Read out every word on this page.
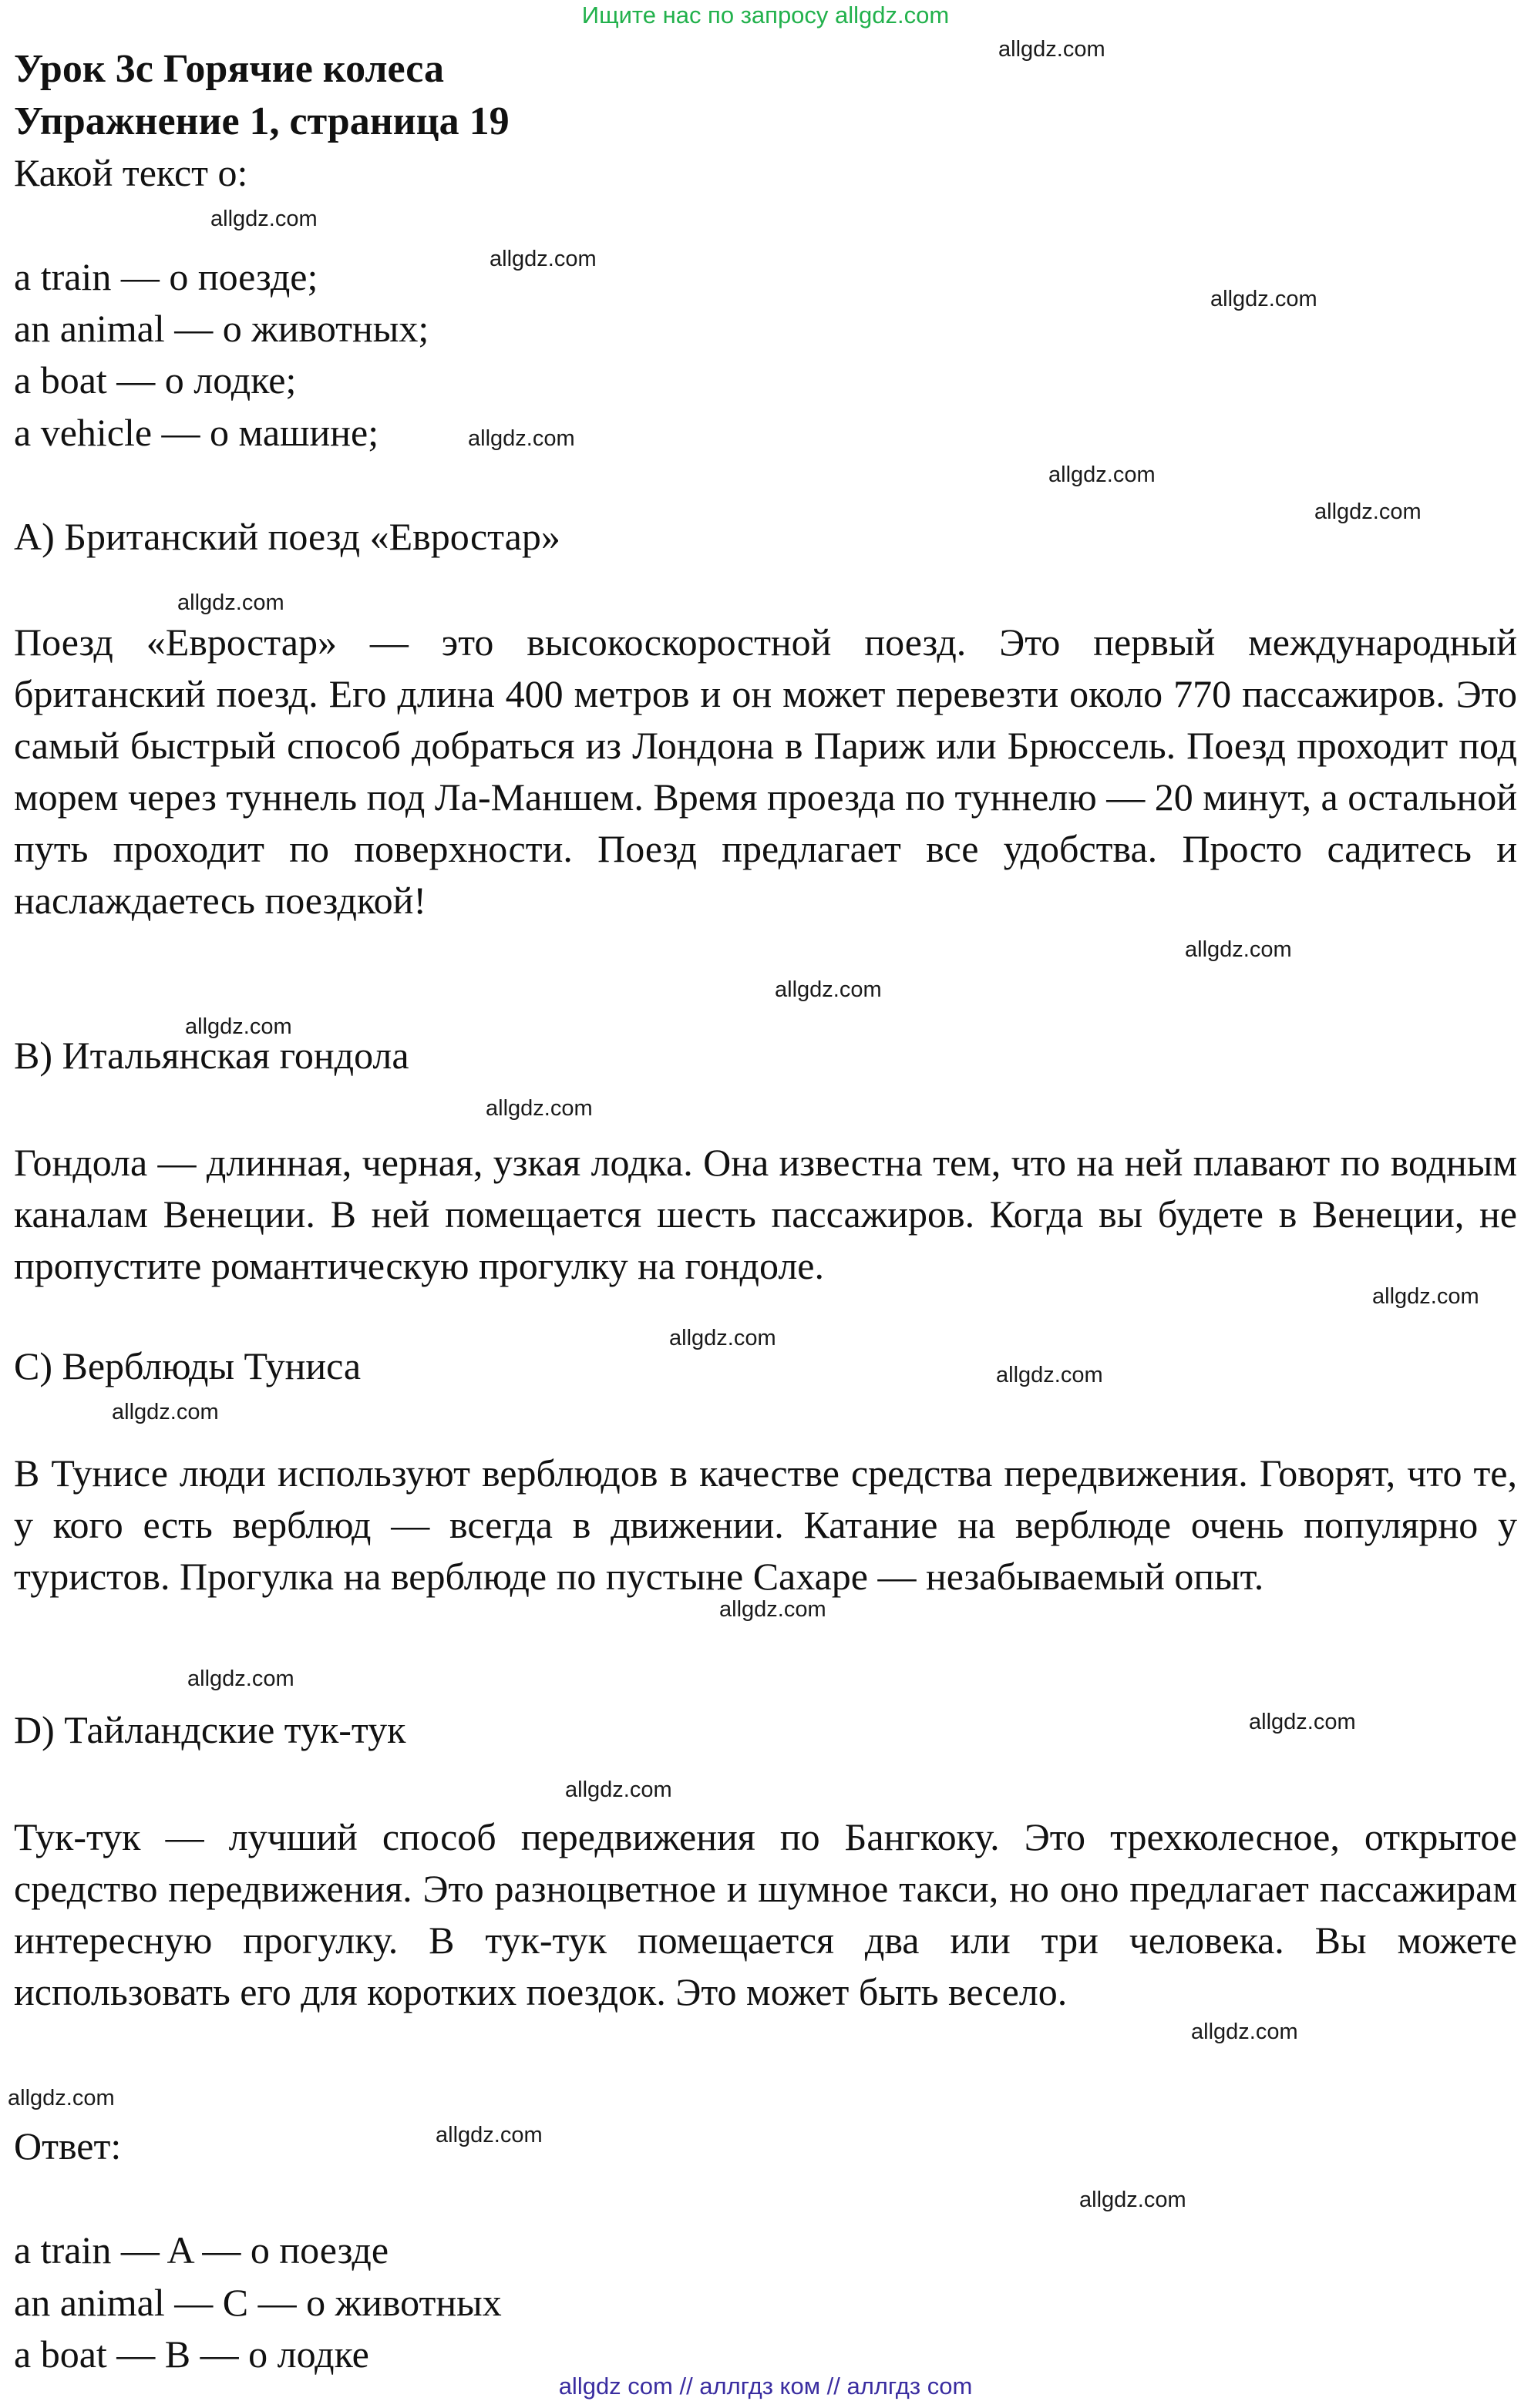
Ищите нас по запросу allgdz.com
Урок 3c Горячие колеса
Упражнение 1, страница 19
Какой текст о:
a train — о поезде;
an animal — о животных;
a boat — о лодке;
a vehicle — о машине;
A) Британский поезд «Евростар»
Поезд «Евростар» — это высокоскоростной поезд. Это первый международный британский поезд. Его длина 400 метров и он может перевезти около 770 пассажиров. Это самый быстрый способ добраться из Лондона в Париж или Брюссель. Поезд проходит под морем через туннель под Ла-Маншем. Время проезда по туннелю — 20 минут, а остальной путь проходит по поверхности. Поезд предлагает все удобства. Просто садитесь и наслаждаетесь поездкой!
B) Итальянская гондола
Гондола — длинная, черная, узкая лодка. Она известна тем, что на ней плавают по водным каналам Венеции. В ней помещается шесть пассажиров. Когда вы будете в Венеции, не пропустите романтическую прогулку на гондоле.
C) Верблюды Туниса
В Тунисе люди используют верблюдов в качестве средства передвижения. Говорят, что те, у кого есть верблюд — всегда в движении. Катание на верблюде очень популярно у туристов. Прогулка на верблюде по пустыне Сахаре — незабываемый опыт.
D) Тайландские тук-тук
Тук-тук — лучший способ передвижения по Бангкоку. Это трехколесное, открытое средство передвижения. Это разноцветное и шумное такси, но оно предлагает пассажирам интересную прогулку. В тук-тук помещается два или три человека. Вы можете использовать его для коротких поездок. Это может быть весело.
Ответ:
a train — A — о поезде
an animal — C — о животных
a boat — B — о лодке
allgdz.com
allgdz.com
allgdz.com
allgdz.com
allgdz.com
allgdz.com
allgdz.com
allgdz.com
allgdz.com
allgdz.com
allgdz.com
allgdz.com
allgdz.com
allgdz.com
allgdz.com
allgdz.com
allgdz.com
allgdz.com
allgdz.com
allgdz.com
allgdz.com
allgdz.com
allgdz.com
allgdz.com
allgdz com // аллгдз ком // аллгдз com
